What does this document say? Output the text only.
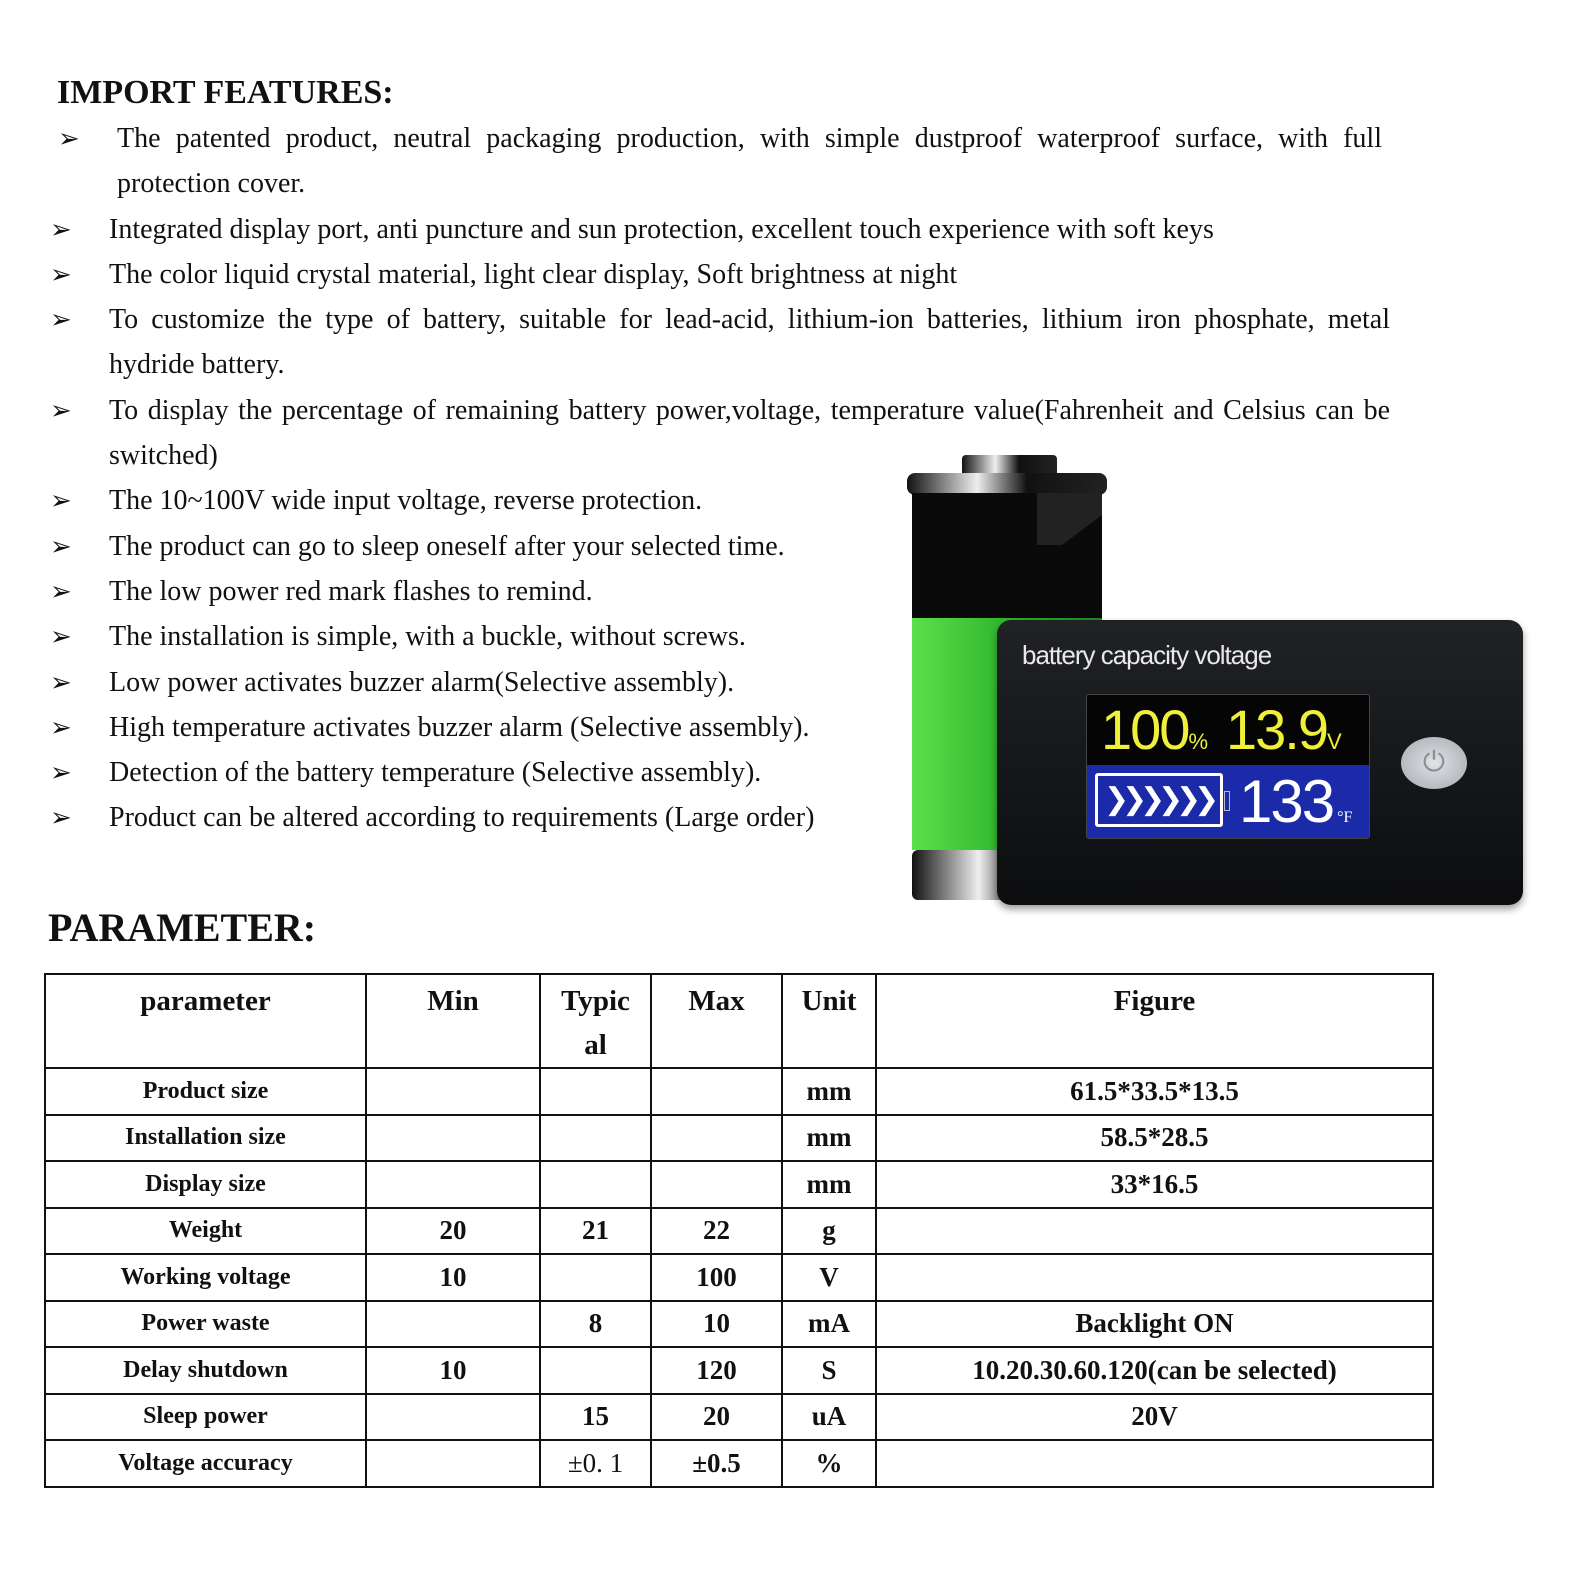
IMPORT FEATURES:
➢ The patented product, neutral packaging production, with simple dustproof waterproof surface, with full protection cover.
➢ Integrated display port, anti puncture and sun protection, excellent touch experience with soft keys
➢ The color liquid crystal material, light clear display, Soft brightness at night
➢ To customize the type of battery, suitable for lead-acid, lithium-ion batteries, lithium iron phosphate, metal hydride battery.
➢ To display the percentage of remaining battery power,voltage, temperature value(Fahrenheit and Celsius can be switched)
➢ The 10~100V wide input voltage, reverse protection.
➢ The product can go to sleep oneself after your selected time.
➢ The low power red mark flashes to remind.
➢ The installation is simple, with a buckle, without screws.
➢ Low power activates buzzer alarm(Selective assembly).
➢ High temperature activates buzzer alarm (Selective assembly).
➢ Detection of the battery temperature (Selective assembly).
➢ Product can be altered according to requirements (Large order)
battery capacity voltage
100 % 13.9 V
❯
❯
❯
❯
❯
❯ 133 °F
⏻
PARAMETER:
parameter	Min	Typic al	Max	Unit	Figure
Product size				mm	61.5*33.5*13.5
Installation size				mm	58.5*28.5
Display size				mm	33*16.5
Weight	20	21	22	g	
Working voltage	10		100	V	
Power waste		8	10	mA	Backlight ON
Delay shutdown	10		120	S	10.20.30.60.120(can be selected)
Sleep power		15	20	uA	20V
Voltage accuracy		±0. 1	±0.5	%	
